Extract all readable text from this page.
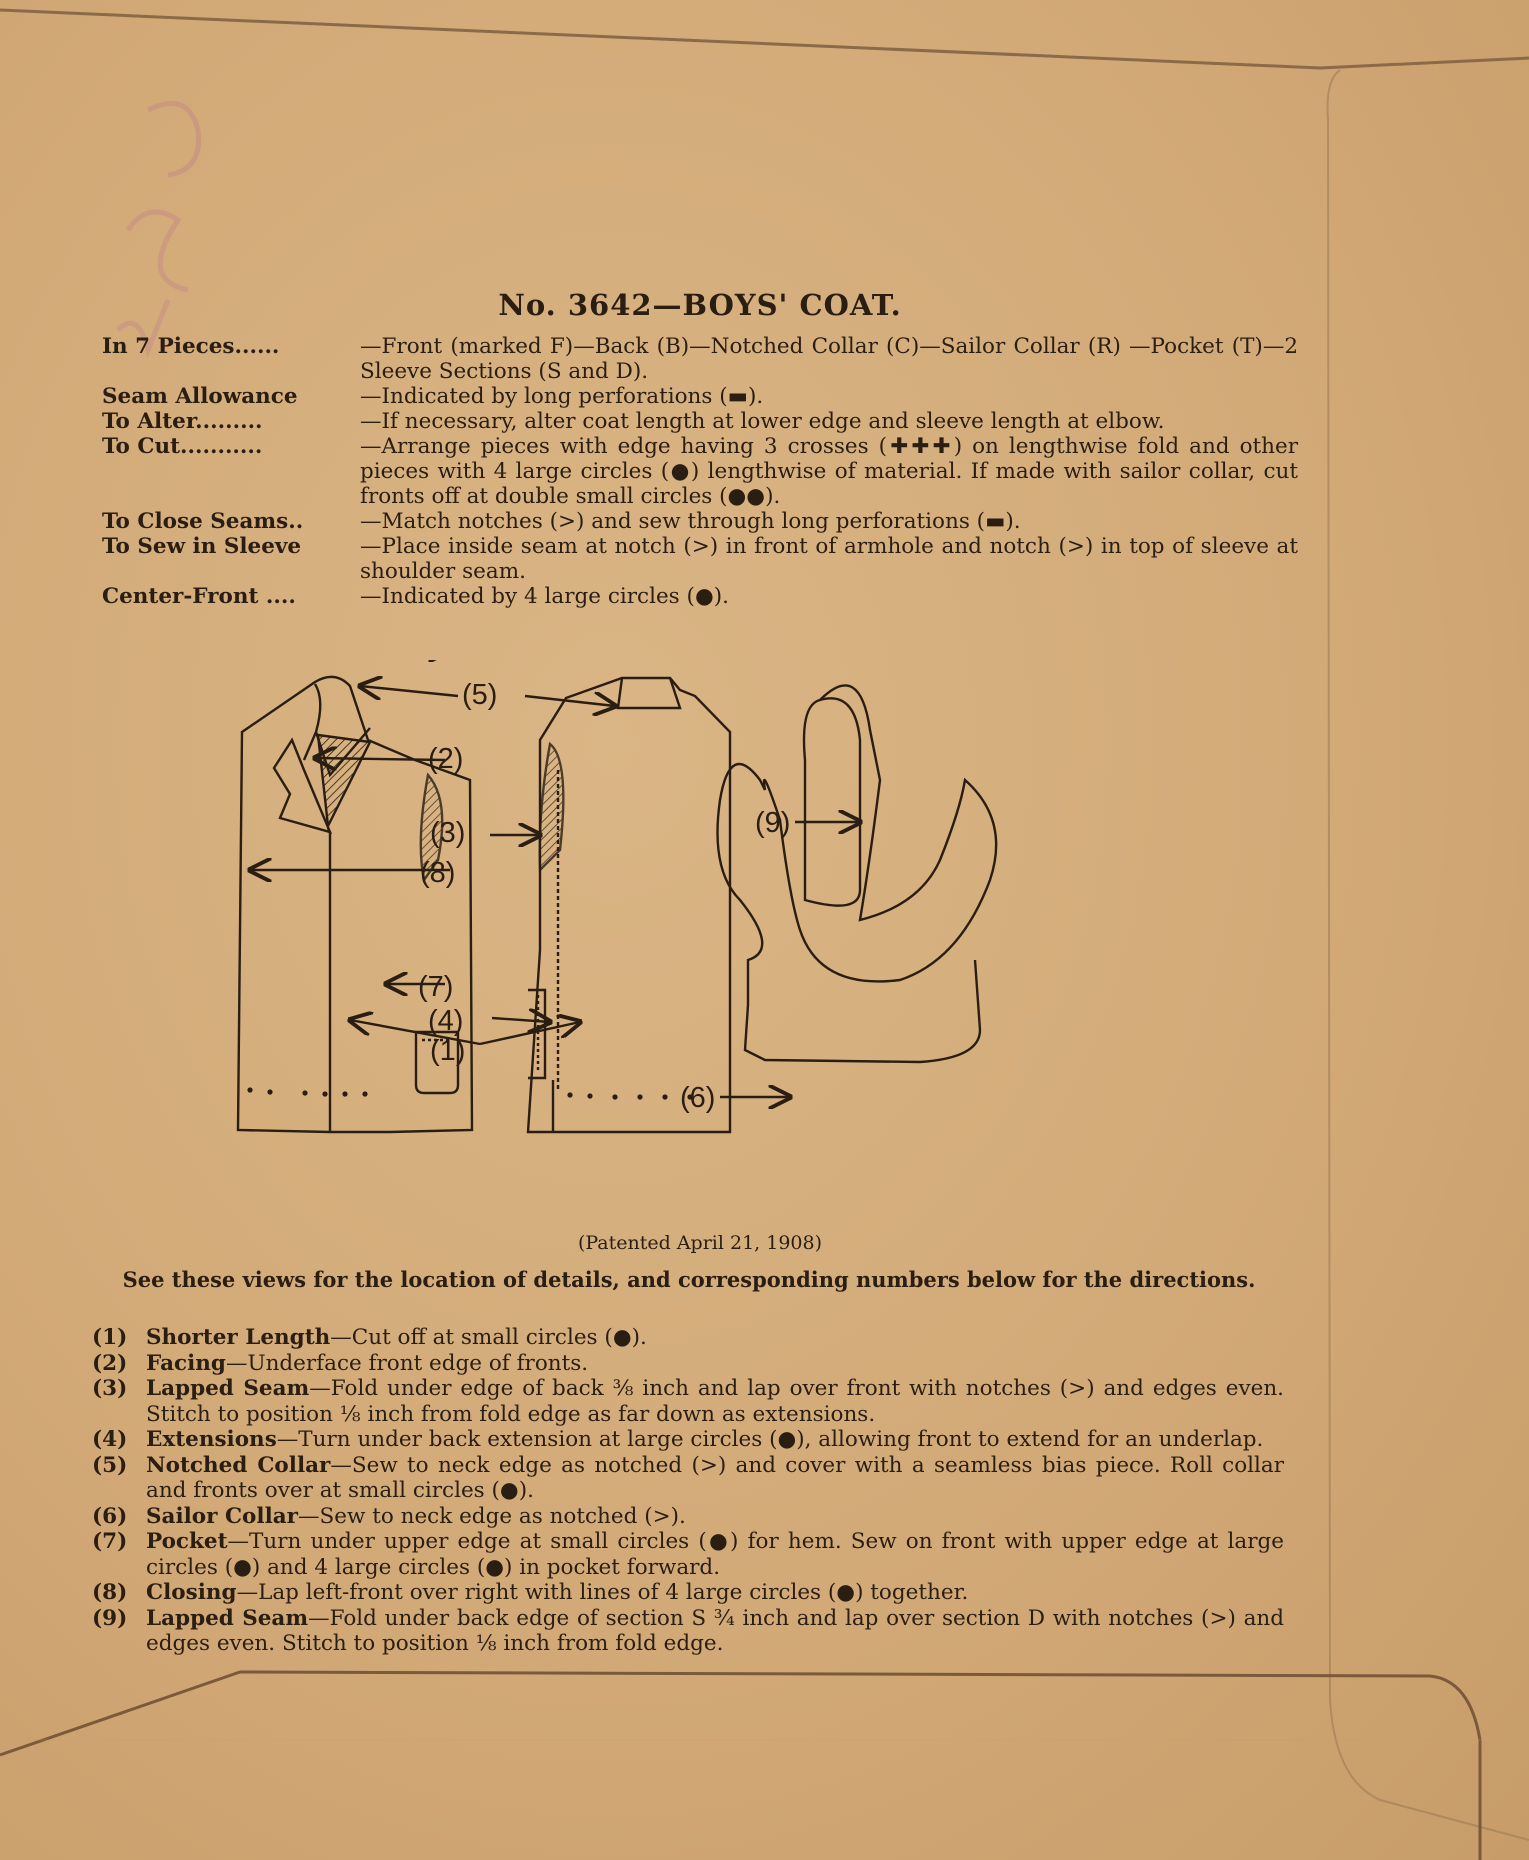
No. 3642—BOYS' COAT.
In 7 Pieces......	—Front (marked F)—Back (B)—Notched Collar (C)—Sailor Collar (R) —Pocket (T)—2 Sleeve Sections (S and D).
Seam Allowance	—Indicated by long perforations (▬).
To Alter.........	—If necessary, alter coat length at lower edge and sleeve length at elbow.
To Cut...........	—Arrange pieces with edge having 3 crosses (✚✚✚) on lengthwise fold and other pieces with 4 large circles (●) lengthwise of material. If made with sailor collar, cut fronts off at double small circles (●●).
To Close Seams..	—Match notches (>) and sew through long perforations (▬).
To Sew in Sleeve	—Place inside seam at notch (>) in front of armhole and notch (>) in top of sleeve at shoulder seam.
Center-Front ....	—Indicated by 4 large circles (●).
(5)
(2)
(3)
(8)
(7)
(4)
(1)
(9)
(6)
(Patented April 21, 1908)
See these views for the location of details, and corresponding numbers below for the directions.
(1) Shorter Length—Cut off at small circles (●).
(2) Facing—Underface front edge of fronts.
(3) Lapped Seam—Fold under edge of back ⅜ inch and lap over front with notches (>) and edges even. Stitch to position ⅛ inch from fold edge as far down as extensions.
(4) Extensions—Turn under back extension at large circles (●), allowing front to extend for an underlap.
(5) Notched Collar—Sew to neck edge as notched (>) and cover with a seamless bias piece. Roll collar and fronts over at small circles (●).
(6) Sailor Collar—Sew to neck edge as notched (>).
(7) Pocket—Turn under upper edge at small circles (●) for hem. Sew on front with upper edge at large circles (●) and 4 large circles (●) in pocket forward.
(8) Closing—Lap left-front over right with lines of 4 large circles (●) together.
(9) Lapped Seam—Fold under back edge of section S ¾ inch and lap over section D with notches (>) and edges even. Stitch to position ⅛ inch from fold edge.
